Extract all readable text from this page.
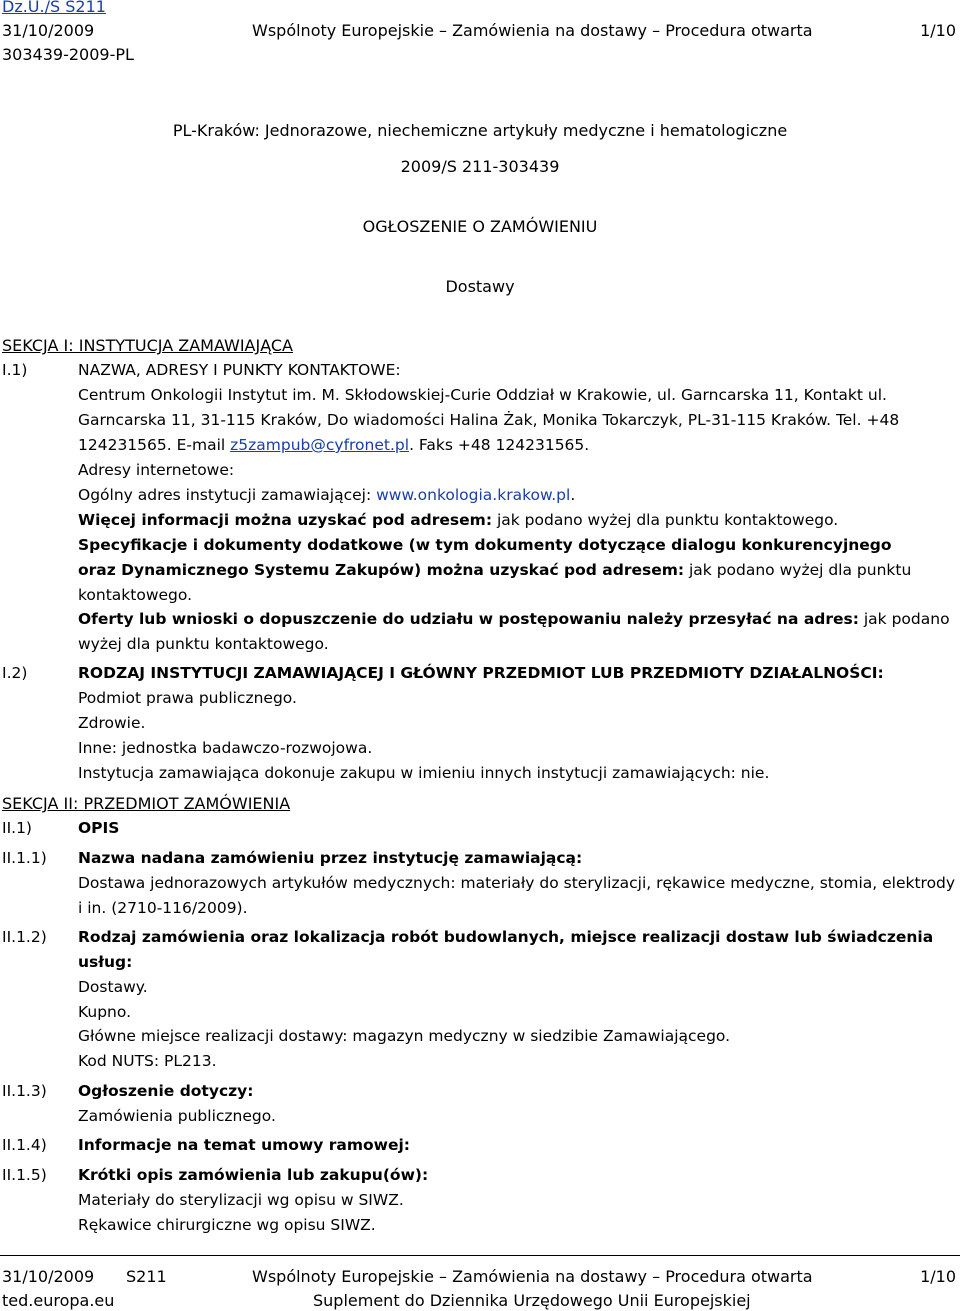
Dz.U./S S211
31/10/2009
303439-2009-PL
Wspólnoty Europejskie – Zamówienia na dostawy – Procedura otwarta	1/10
PL-Kraków: Jednorazowe, niechemiczne artykuły medyczne i hematologiczne
2009/S 211-303439
OGŁOSZENIE O ZAMÓWIENIU
Dostawy
SEKCJA I: INSTYTUCJA ZAMAWIAJĄCA
I.1)	NAZWA, ADRESY I PUNKTY KONTAKTOWE:
Centrum Onkologii Instytut im. M. Skłodowskiej-Curie Oddział w Krakowie, ul. Garncarska 11, Kontakt ul.
Garncarska 11, 31-115 Kraków, Do wiadomości Halina Żak, Monika Tokarczyk, PL-31-115 Kraków. Tel. +48
124231565. E-mail z5zampub@cyfronet.pl. Faks +48 124231565.
Adresy internetowe:
Ogólny adres instytucji zamawiającej: www.onkologia.krakow.pl.
Więcej informacji można uzyskać pod adresem: jak podano wyżej dla punktu kontaktowego.
Specyfikacje i dokumenty dodatkowe (w tym dokumenty dotyczące dialogu konkurencyjnego
oraz Dynamicznego Systemu Zakupów) można uzyskać pod adresem: jak podano wyżej dla punktu
kontaktowego.
Oferty lub wnioski o dopuszczenie do udziału w postępowaniu należy przesyłać na adres: jak podano
wyżej dla punktu kontaktowego.
I.2)	RODZAJ INSTYTUCJI ZAMAWIAJĄCEJ I GŁÓWNY PRZEDMIOT LUB PRZEDMIOTY DZIAŁALNOŚCI:
Podmiot prawa publicznego.
Zdrowie.
Inne: jednostka badawczo-rozwojowa.
Instytucja zamawiająca dokonuje zakupu w imieniu innych instytucji zamawiających: nie.
SEKCJA II: PRZEDMIOT ZAMÓWIENIA
II.1)	OPIS
II.1.1) Nazwa nadana zamówieniu przez instytucję zamawiającą:
Dostawa jednorazowych artykułów medycznych: materiały do sterylizacji, rękawice medyczne, stomia, elektrody
i in. (2710-116/2009).
II.1.2) Rodzaj zamówienia oraz lokalizacja robót budowlanych, miejsce realizacji dostaw lub świadczenia
usług:
Dostawy.
Kupno.
Główne miejsce realizacji dostawy: magazyn medyczny w siedzibie Zamawiającego.
Kod NUTS: PL213.
II.1.3) Ogłoszenie dotyczy:
Zamówienia publicznego.
II.1.4) Informacje na temat umowy ramowej:
II.1.5) Krótki opis zamówienia lub zakupu(ów):
Materiały do sterylizacji wg opisu w SIWZ.
Rękawice chirurgiczne wg opisu SIWZ.
31/10/2009 S211	Wspólnoty Europejskie – Zamówienia na dostawy – Procedura otwarta	1/10
ted.europa.eu	Suplement do Dziennika Urzędowego Unii Europejskiej
